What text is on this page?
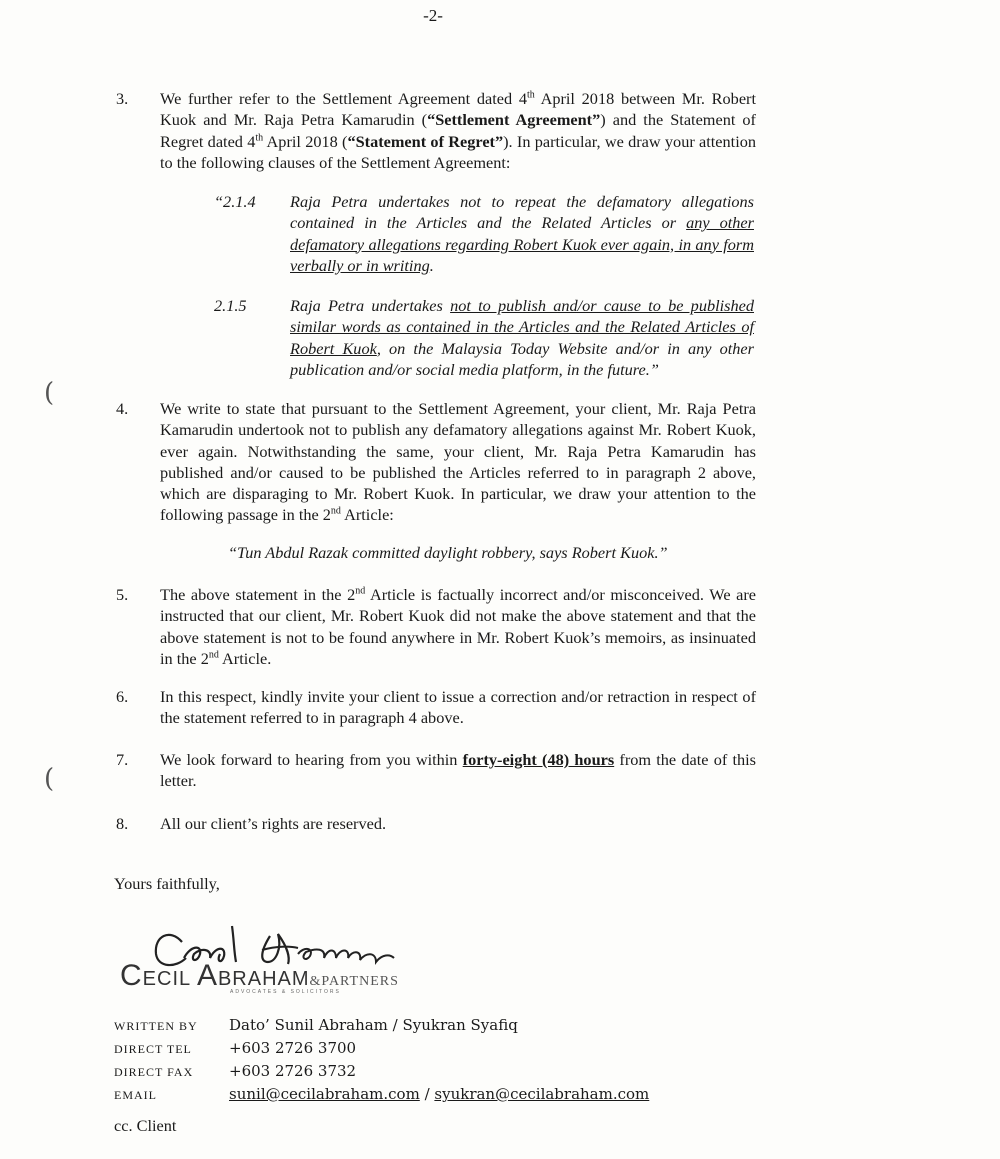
-2-
3. We further refer to the Settlement Agreement dated 4th April 2018 between Mr. Robert Kuok and Mr. Raja Petra Kamarudin (“Settlement Agreement”) and the Statement of Regret dated 4th April 2018 (“Statement of Regret”). In particular, we draw your attention to the following clauses of the Settlement Agreement:
“2.1.4 Raja Petra undertakes not to repeat the defamatory allegations contained in the Articles and the Related Articles or any other defamatory allegations regarding Robert Kuok ever again, in any form verbally or in writing.
2.1.5	Raja Petra undertakes not to publish and/or cause to be published similar words as contained in the Articles and the Related Articles of Robert Kuok, on the Malaysia Today Website and/or in any other publication and/or social media platform, in the future.”
(
4. We write to state that pursuant to the Settlement Agreement, your client, Mr. Raja Petra Kamarudin undertook not to publish any defamatory allegations against Mr. Robert Kuok, ever again. Notwithstanding the same, your client, Mr. Raja Petra Kamarudin has published and/or caused to be published the Articles referred to in paragraph 2 above, which are disparaging to Mr. Robert Kuok. In particular, we draw your attention to the following passage in the 2nd Article:
“Tun Abdul Razak committed daylight robbery, says Robert Kuok.”
5. The above statement in the 2nd Article is factually incorrect and/or misconceived. We are instructed that our client, Mr. Robert Kuok did not make the above statement and that the above statement is not to be found anywhere in Mr. Robert Kuok’s memoirs, as insinuated in the 2nd Article.
6. In this respect, kindly invite your client to issue a correction and/or retraction in respect of the statement referred to in paragraph 4 above.
(
7. We look forward to hearing from you within forty-eight (48) hours from the date of this letter.
8. All our client’s rights are reserved.
Yours faithfully,
CECIL ABRAHAM&PARTNERS
ADVOCATES & SOLICITORS
WRITTEN BY	Dato’ Sunil Abraham / Syukran Syafiq
DIRECT TEL	+603 2726 3700
DIRECT FAX	+603 2726 3732
EMAIL	sunil@cecilabraham.com / syukran@cecilabraham.com
cc. Client
